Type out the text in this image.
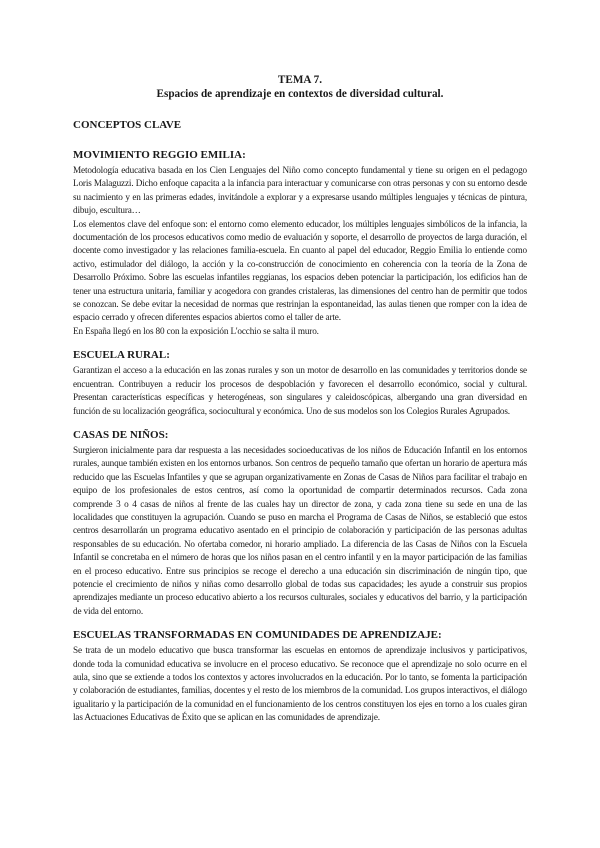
TEMA 7.

Espacios de aprendizaje en contextos de diversidad cultural.

CONCEPTOS CLAVE

MOVIMIENTO REGGIO EMILIA:

Metodología educativa basada en los Cien Lenguajes del Niño como concepto fundamental y tiene su origen en el pedagogo Loris Malaguzzi. Dicho enfoque capacita a la infancia para interactuar y comunicarse con otras personas y con su entorno desde su nacimiento y en las primeras edades, invitándole a explorar y a expresarse usando múltiples lenguajes y técnicas de pintura, dibujo, escultura…

Los elementos clave del enfoque son: el entorno como elemento educador, los múltiples lenguajes simbólicos de la infancia, la documentación de los procesos educativos como medio de evaluación y soporte, el desarrollo de proyectos de larga duración, el docente como investigador y las relaciones familia-escuela. En cuanto al papel del educador, Reggio Emilia lo entiende como activo, estimulador del diálogo, la acción y la co-construcción de conocimiento en coherencia con la teoría de la Zona de Desarrollo Próximo. Sobre las escuelas infantiles reggianas, los espacios deben potenciar la participación, los edificios han de tener una estructura unitaria, familiar y acogedora con grandes cristaleras, las dimensiones del centro han de permitir que todos se conozcan. Se debe evitar la necesidad de normas que restrinjan la espontaneidad, las aulas tienen que romper con la idea de espacio cerrado y ofrecen diferentes espacios abiertos como el taller de arte.

En España llegó en los 80 con la exposición L'occhio se salta il muro.

ESCUELA RURAL:

Garantizan el acceso a la educación en las zonas rurales y son un motor de desarrollo en las comunidades y territorios donde se encuentran. Contribuyen a reducir los procesos de despoblación y favorecen el desarrollo económico, social y cultural. Presentan características específicas y heterogéneas, son singulares y caleidoscópicas, albergando una gran diversidad en función de su localización geográfica, sociocultural y económica. Uno de sus modelos son los Colegios Rurales Agrupados.

CASAS DE NIÑOS:

Surgieron inicialmente para dar respuesta a las necesidades socioeducativas de los niños de Educación Infantil en los entornos rurales, aunque también existen en los entornos urbanos. Son centros de pequeño tamaño que ofertan un horario de apertura más reducido que las Escuelas Infantiles y que se agrupan organizativamente en Zonas de Casas de Niños para facilitar el trabajo en equipo de los profesionales de estos centros, así como la oportunidad de compartir determinados recursos. Cada zona comprende 3 o 4 casas de niños al frente de las cuales hay un director de zona, y cada zona tiene su sede en una de las localidades que constituyen la agrupación. Cuando se puso en marcha el Programa de Casas de Niños, se estableció que estos centros desarrollarán un programa educativo asentado en el principio de colaboración y participación de las personas adultas responsables de su educación. No ofertaba comedor, ni horario ampliado. La diferencia de las Casas de Niños con la Escuela Infantil se concretaba en el número de horas que los niños pasan en el centro infantil y en la mayor participación de las familias en el proceso educativo. Entre sus principios se recoge el derecho a una educación sin discriminación de ningún tipo, que potencie el crecimiento de niños y niñas como desarrollo global de todas sus capacidades; les ayude a construir sus propios aprendizajes mediante un proceso educativo abierto a los recursos culturales, sociales y educativos del barrio, y la participación de vida del entorno.

ESCUELAS TRANSFORMADAS EN COMUNIDADES DE APRENDIZAJE:

Se trata de un modelo educativo que busca transformar las escuelas en entornos de aprendizaje inclusivos y participativos, donde toda la comunidad educativa se involucre en el proceso educativo. Se reconoce que el aprendizaje no solo ocurre en el aula, sino que se extiende a todos los contextos y actores involucrados en la educación. Por lo tanto, se fomenta la participación y colaboración de estudiantes, familias, docentes y el resto de los miembros de la comunidad. Los grupos interactivos, el diálogo igualitario y la participación de la comunidad en el funcionamiento de los centros constituyen los ejes en torno a los cuales giran las Actuaciones Educativas de Éxito que se aplican en las comunidades de aprendizaje.
